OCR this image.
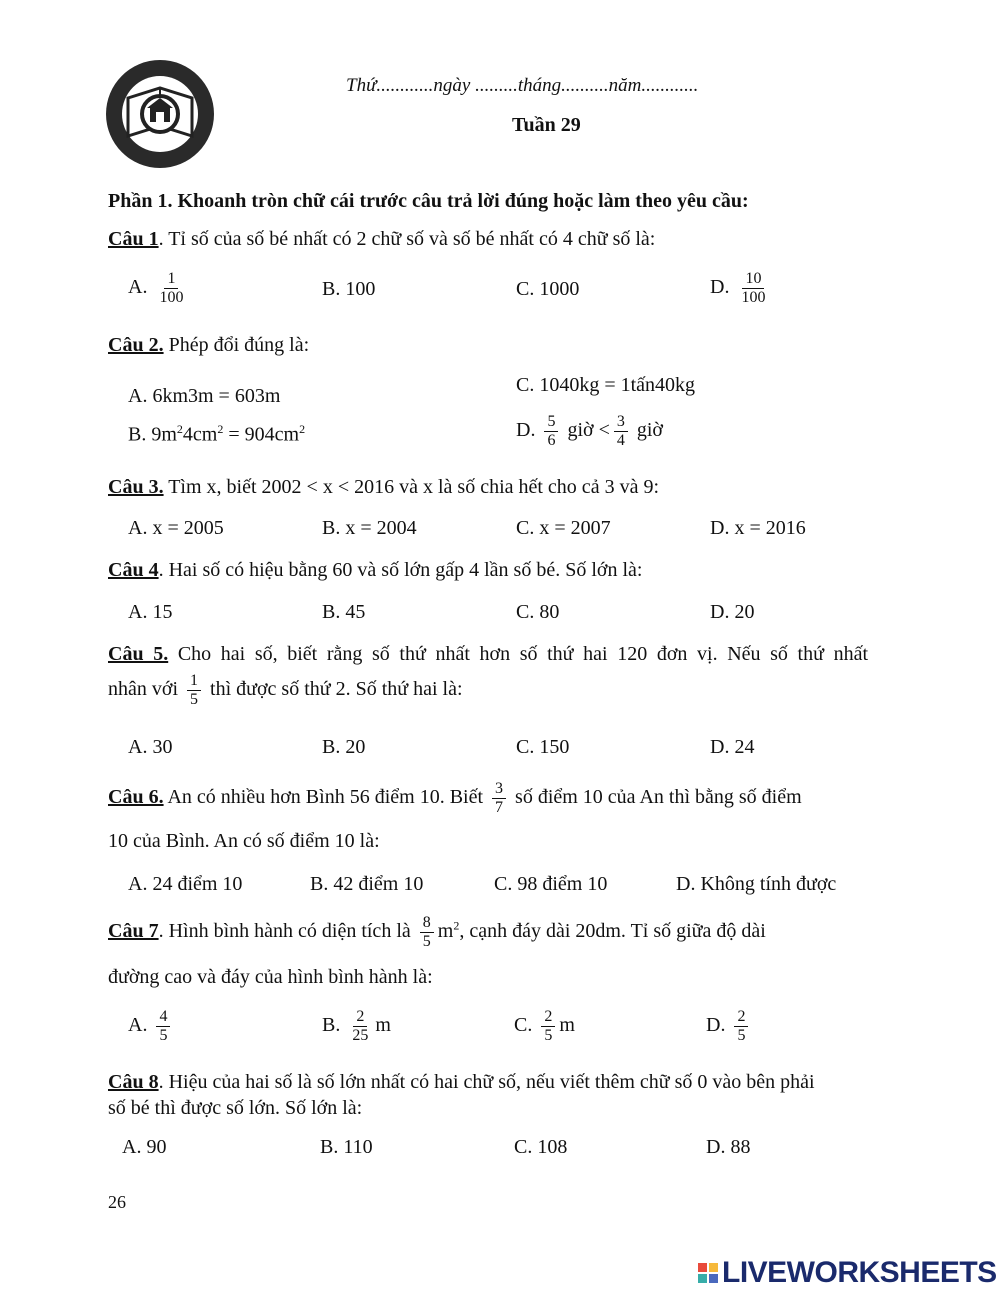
Thứ............ngày .........tháng..........năm............
Tuần 29
Phần 1. Khoanh tròn chữ cái trước câu trả lời đúng hoặc làm theo yêu cầu:
Câu 1. Tỉ số của số bé nhất có 2 chữ số và số bé nhất có 4 chữ số là:
A. $\frac{1}{100}$	B. 100	C. 1000	D. $\frac{10}{100}$
Câu 2. Phép đổi đúng là:
A. 6km3m = 603m	C. 1040kg = 1tấn40kg
B. $9m^24cm^2 = 904cm^2$	D. $\frac{5}{6}$ giờ < $\frac{3}{4}$ giờ
Câu 3. Tìm x, biết 2002 < x < 2016 và x là số chia hết cho cả 3 và 9:
A. x = 2005	B. x = 2004	C. x = 2007	D. x = 2016
Câu 4. Hai số có hiệu bằng 60 và số lớn gấp 4 lần số bé. Số lớn là:
A. 15	B. 45	C. 80	D. 20
Câu 5. Cho hai số, biết rằng số thứ nhất hơn số thứ hai 120 đơn vị. Nếu số thứ nhất
nhân với $\frac{1}{5}$ thì được số thứ 2. Số thứ hai là:
A. 30	B. 20	C. 150	D. 24
Câu 6. An có nhiều hơn Bình 56 điểm 10. Biết $\frac{3}{7}$ số điểm 10 của An thì bằng số điểm
10 của Bình. An có số điểm 10 là:
A. 24 điểm 10	B. 42 điểm 10	C. 98 điểm 10	D. Không tính được
Câu 7. Hình bình hành có diện tích là $\frac{8}{5} m^2$, cạnh đáy dài 20dm. Tỉ số giữa độ dài
đường cao và đáy của hình bình hành là:
A. $\frac{4}{5}$	B. $\frac{2}{25}$ m	C. $\frac{2}{5}$ m	D. $\frac{2}{5}$
Câu 8. Hiệu của hai số là số lớn nhất có hai chữ số, nếu viết thêm chữ số 0 vào bên phải
số bé thì được số lớn. Số lớn là:
A. 90	B. 110	C. 108	D. 88
26
LIVEWORKSHEETS
